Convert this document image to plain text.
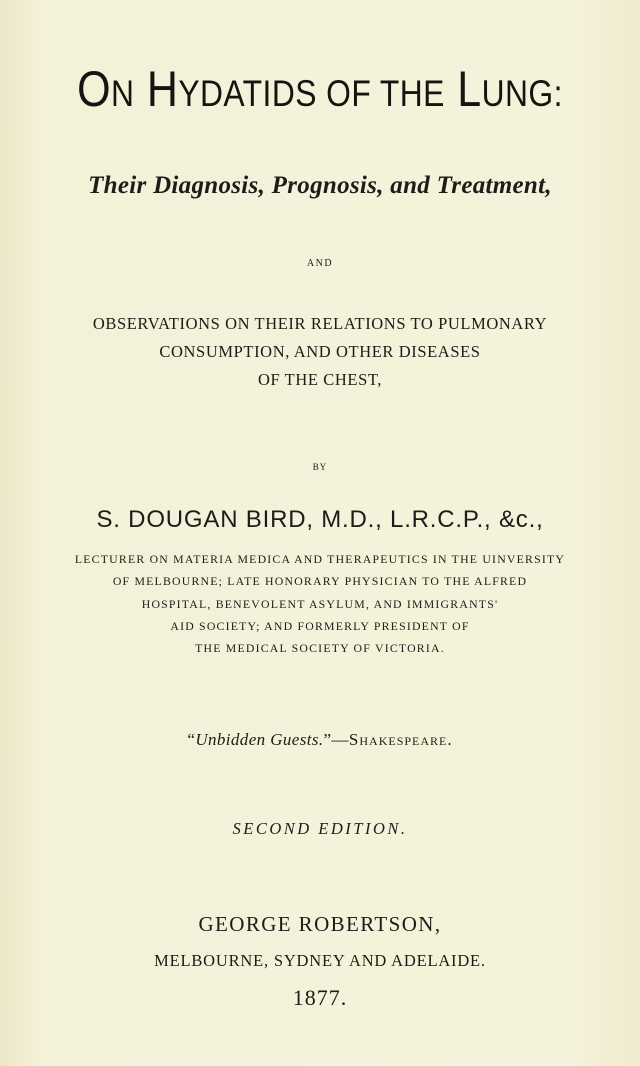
ON HYDATIDS OF THE LUNG:
Their Diagnosis, Prognosis, and Treatment,
AND
OBSERVATIONS ON THEIR RELATIONS TO PULMONARY
CONSUMPTION, AND OTHER DISEASES
OF THE CHEST,
BY
S. DOUGAN BIRD, M.D., L.R.C.P., &c.,
LECTURER ON MATERIA MEDICA AND THERAPEUTICS IN THE UINVERSITY
OF MELBOURNE; LATE HONORARY PHYSICIAN TO THE ALFRED
HOSPITAL, BENEVOLENT ASYLUM, AND IMMIGRANTS'
AID SOCIETY; AND FORMERLY PRESIDENT OF
THE MEDICAL SOCIETY OF VICTORIA.
“Unbidden Guests.”—Shakespeare.
SECOND EDITION.
GEORGE ROBERTSON,
MELBOURNE, SYDNEY AND ADELAIDE.
1877.
